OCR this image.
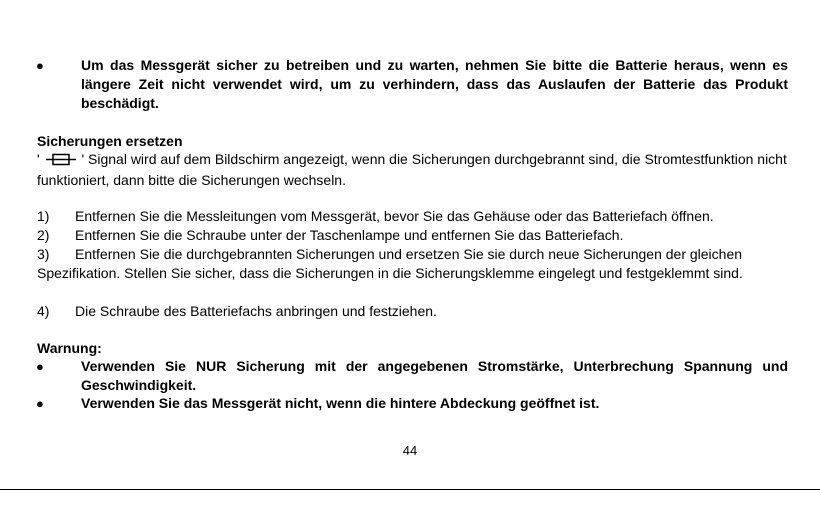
●	Um das Messgerät sicher zu betreiben und zu warten, nehmen Sie bitte die Batterie heraus, wenn es längere Zeit nicht verwendet wird, um zu verhindern, dass das Auslaufen der Batterie das Produkt beschädigt.
Sicherungen ersetzen
'  ' Signal wird auf dem Bildschirm angezeigt, wenn die Sicherungen durchgebrannt sind, die Stromtestfunktion nicht funktioniert, dann bitte die Sicherungen wechseln.
1) Entfernen Sie die Messleitungen vom Messgerät, bevor Sie das Gehäuse oder das Batteriefach öffnen.
2) Entfernen Sie die Schraube unter der Taschenlampe und entfernen Sie das Batteriefach.
3) Entfernen Sie die durchgebrannten Sicherungen und ersetzen Sie sie durch neue Sicherungen der gleichen Spezifikation. Stellen Sie sicher, dass die Sicherungen in die Sicherungsklemme eingelegt und festgeklemmt sind.
4) Die Schraube des Batteriefachs anbringen und festziehen.
Warnung:
●	Verwenden Sie NUR Sicherung mit der angegebenen Stromstärke, Unterbrechung Spannung und Geschwindigkeit.
●	Verwenden Sie das Messgerät nicht, wenn die hintere Abdeckung geöffnet ist.
44
